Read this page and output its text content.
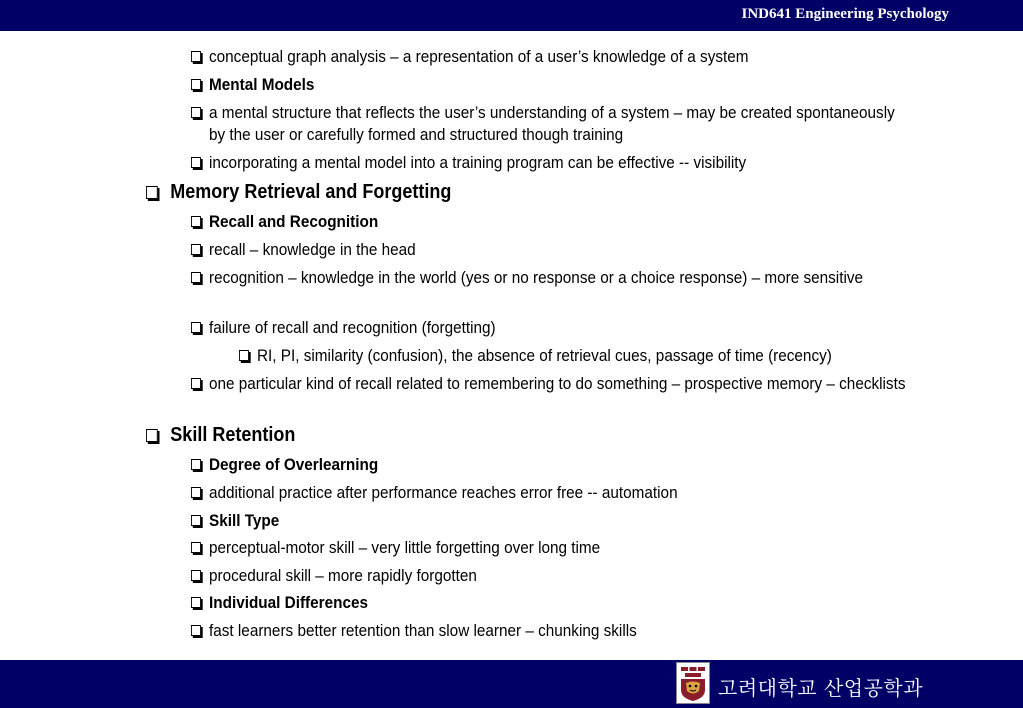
IND641 Engineering Psychology
conceptual graph analysis – a representation of a user’s knowledge of a system
Mental Models
a mental structure that reflects the user’s understanding of a system – may be created spontaneously by the user or carefully formed and structured though training
incorporating a mental model into a training program can be effective -- visibility
Memory Retrieval and Forgetting
Recall and Recognition
recall – knowledge in the head
recognition – knowledge in the world (yes or no response or a choice response) – more sensitive
failure of recall and recognition (forgetting)
RI, PI, similarity (confusion), the absence of retrieval cues, passage of time (recency)
one particular kind of recall related to remembering to do something – prospective memory – checklists
Skill Retention
Degree of Overlearning
additional practice after performance reaches error free -- automation
Skill Type
perceptual-motor skill – very little forgetting over long time
procedural skill – more rapidly forgotten
Individual Differences
fast learners better retention than slow learner – chunking skills
고려대학교 산업공학과
